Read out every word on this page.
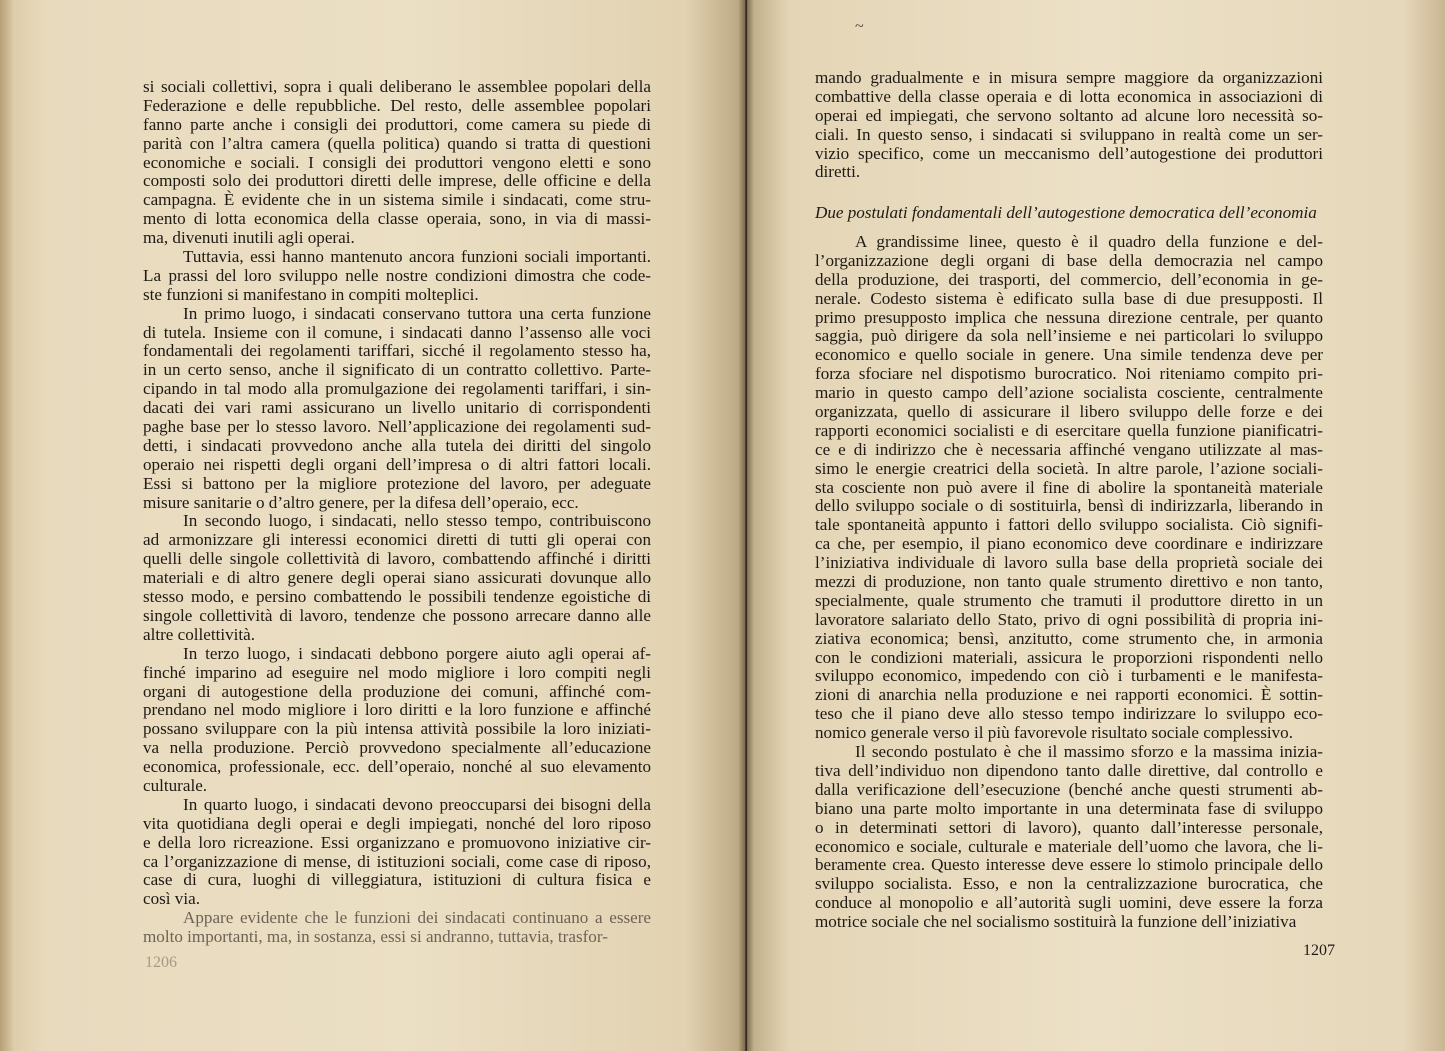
si sociali collettivi, sopra i quali deliberano le assemblee popolari della
Federazione e delle repubbliche. Del resto, delle assemblee popolari
fanno parte anche i consigli dei produttori, come camera su piede di
parità con l’altra camera (quella politica) quando si tratta di questioni
economiche e sociali. I consigli dei produttori vengono eletti e sono
composti solo dei produttori diretti delle imprese, delle officine e della
campagna. È evidente che in un sistema simile i sindacati, come stru-
mento di lotta economica della classe operaia, sono, in via di massi-
ma, divenuti inutili agli operai.
Tuttavia, essi hanno mantenuto ancora funzioni sociali importanti.
La prassi del loro sviluppo nelle nostre condizioni dimostra che code-
ste funzioni si manifestano in compiti molteplici.
In primo luogo, i sindacati conservano tuttora una certa funzione
di tutela. Insieme con il comune, i sindacati danno l’assenso alle voci
fondamentali dei regolamenti tariffari, sicché il regolamento stesso ha,
in un certo senso, anche il significato di un contratto collettivo. Parte-
cipando in tal modo alla promulgazione dei regolamenti tariffari, i sin-
dacati dei vari rami assicurano un livello unitario di corrispondenti
paghe base per lo stesso lavoro. Nell’applicazione dei regolamenti sud-
detti, i sindacati provvedono anche alla tutela dei diritti del singolo
operaio nei rispetti degli organi dell’impresa o di altri fattori locali.
Essi si battono per la migliore protezione del lavoro, per adeguate
misure sanitarie o d’altro genere, per la difesa dell’operaio, ecc.
In secondo luogo, i sindacati, nello stesso tempo, contribuiscono
ad armonizzare gli interessi economici diretti di tutti gli operai con
quelli delle singole collettività di lavoro, combattendo affinché i diritti
materiali e di altro genere degli operai siano assicurati dovunque allo
stesso modo, e persino combattendo le possibili tendenze egoistiche di
singole collettività di lavoro, tendenze che possono arrecare danno alle
altre collettività.
In terzo luogo, i sindacati debbono porgere aiuto agli operai af-
finché imparino ad eseguire nel modo migliore i loro compiti negli
organi di autogestione della produzione dei comuni, affinché com-
prendano nel modo migliore i loro diritti e la loro funzione e affinché
possano sviluppare con la più intensa attività possibile la loro iniziati-
va nella produzione. Perciò provvedono specialmente all’educazione
economica, professionale, ecc. dell’operaio, nonché al suo elevamento
culturale.
In quarto luogo, i sindacati devono preoccuparsi dei bisogni della
vita quotidiana degli operai e degli impiegati, nonché del loro riposo
e della loro ricreazione. Essi organizzano e promuovono iniziative cir-
ca l’organizzazione di mense, di istituzioni sociali, come case di riposo,
case di cura, luoghi di villeggiatura, istituzioni di cultura fisica e
così via.
Appare evidente che le funzioni dei sindacati continuano a essere
molto importanti, ma, in sostanza, essi si andranno, tuttavia, trasfor-
mando gradualmente e in misura sempre maggiore da organizzazioni
combattive della classe operaia e di lotta economica in associazioni di
operai ed impiegati, che servono soltanto ad alcune loro necessità so-
ciali. In questo senso, i sindacati si sviluppano in realtà come un ser-
vizio specifico, come un meccanismo dell’autogestione dei produttori
diretti.
Due postulati fondamentali dell’autogestione democratica dell’economia
A grandissime linee, questo è il quadro della funzione e del-
l’organizzazione degli organi di base della democrazia nel campo
della produzione, dei trasporti, del commercio, dell’economia in ge-
nerale. Codesto sistema è edificato sulla base di due presupposti. Il
primo presupposto implica che nessuna direzione centrale, per quanto
saggia, può dirigere da sola nell’insieme e nei particolari lo sviluppo
economico e quello sociale in genere. Una simile tendenza deve per
forza sfociare nel dispotismo burocratico. Noi riteniamo compito pri-
mario in questo campo dell’azione socialista cosciente, centralmente
organizzata, quello di assicurare il libero sviluppo delle forze e dei
rapporti economici socialisti e di esercitare quella funzione pianificatri-
ce e di indirizzo che è necessaria affinché vengano utilizzate al mas-
simo le energie creatrici della società. In altre parole, l’azione sociali-
sta cosciente non può avere il fine di abolire la spontaneità materiale
dello sviluppo sociale o di sostituirla, bensì di indirizzarla, liberando in
tale spontaneità appunto i fattori dello sviluppo socialista. Ciò signifi-
ca che, per esempio, il piano economico deve coordinare e indirizzare
l’iniziativa individuale di lavoro sulla base della proprietà sociale dei
mezzi di produzione, non tanto quale strumento direttivo e non tanto,
specialmente, quale strumento che tramuti il produttore diretto in un
lavoratore salariato dello Stato, privo di ogni possibilità di propria ini-
ziativa economica; bensì, anzitutto, come strumento che, in armonia
con le condizioni materiali, assicura le proporzioni rispondenti nello
sviluppo economico, impedendo con ciò i turbamenti e le manifesta-
zioni di anarchia nella produzione e nei rapporti economici. È sottin-
teso che il piano deve allo stesso tempo indirizzare lo sviluppo eco-
nomico generale verso il più favorevole risultato sociale complessivo.
Il secondo postulato è che il massimo sforzo e la massima inizia-
tiva dell’individuo non dipendono tanto dalle direttive, dal controllo e
dalla verificazione dell’esecuzione (benché anche questi strumenti ab-
biano una parte molto importante in una determinata fase di sviluppo
o in determinati settori di lavoro), quanto dall’interesse personale,
economico e sociale, culturale e materiale dell’uomo che lavora, che li-
beramente crea. Questo interesse deve essere lo stimolo principale dello
sviluppo socialista. Esso, e non la centralizzazione burocratica, che
conduce al monopolio e all’autorità sugli uomini, deve essere la forza
motrice sociale che nel socialismo sostituirà la funzione dell’iniziativa
1206
1207
~
